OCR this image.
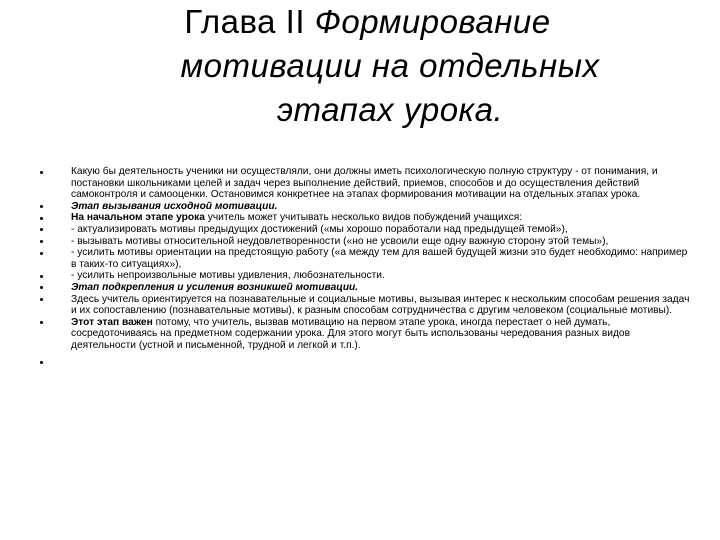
Глава II Формирование
мотивации на отдельных
этапах урока.
Какую бы деятельность ученики ни осуществляли, они должны иметь психологическую полную структуру - от понимания, и постановки школьниками целей и задач через выполнение действий, приемов, способов и до осуществления действий самоконтроля и самооценки. Остановимся конкретнее на этапах формирования мотивации на отдельных этапах урока.
Этап вызывания исходной мотивации.
На начальном этапе урока учитель может учитывать несколько видов побуждений учащихся:
- актуализировать мотивы предыдущих достижений («мы хорошо поработали над предыдущей темой»),
- вызывать мотивы относительной неудовлетворенности («но не усвоили еще одну важную сторону этой темы»),
- усилить мотивы ориентации на предстоящую работу («а между тем для вашей будущей жизни это будет необходимо: например в таких-то ситуациях»),
- усилить непроизвольные мотивы удивления, любознательности.
Этап подкрепления и усиления возникшей мотивации.
Здесь учитель ориентируется на познавательные и социальные мотивы, вызывая интерес к нескольким способам решения задач и их сопоставлению (познавательные мотивы), к разным способам сотрудничества с другим человеком (социальные мотивы).
Этот этап важен потому, что учитель, вызвав мотивацию на первом этапе урока, иногда перестает о ней думать, сосредоточиваясь на предметном содержании урока. Для этого могут быть использованы чередования разных видов деятельности (устной и письменной, трудной и легкой и т.п.).
